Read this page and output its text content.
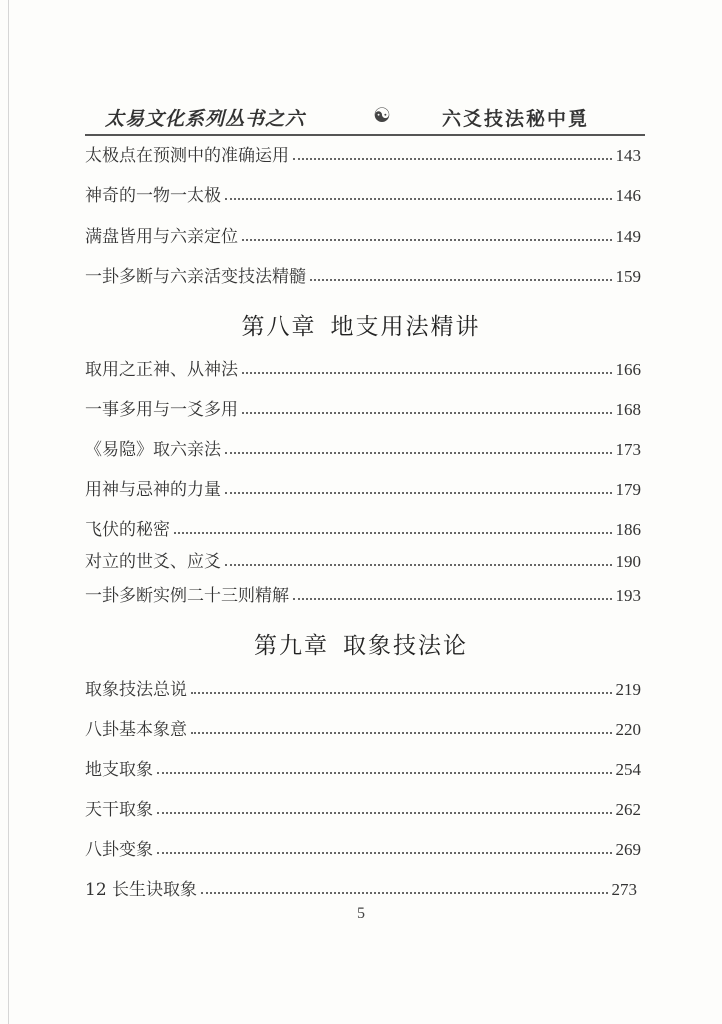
太易文化系列丛书之六	☯	六爻技法秘中覓
太极点在预测中的准确运用	143
神奇的一物一太极	146
满盘皆用与六亲定位	149
一卦多断与六亲活变技法精髓	159
第八章 地支用法精讲
取用之正神、从神法	166
一事多用与一爻多用	168
《易隐》取六亲法	173
用神与忌神的力量	179
飞伏的秘密	186
对立的世爻、应爻	190
一卦多断实例二十三则精解	193
第九章 取象技法论
取象技法总说	219
八卦基本象意	220
地支取象	254
天干取象	262
八卦变象	269
12 长生诀取象	273
5
